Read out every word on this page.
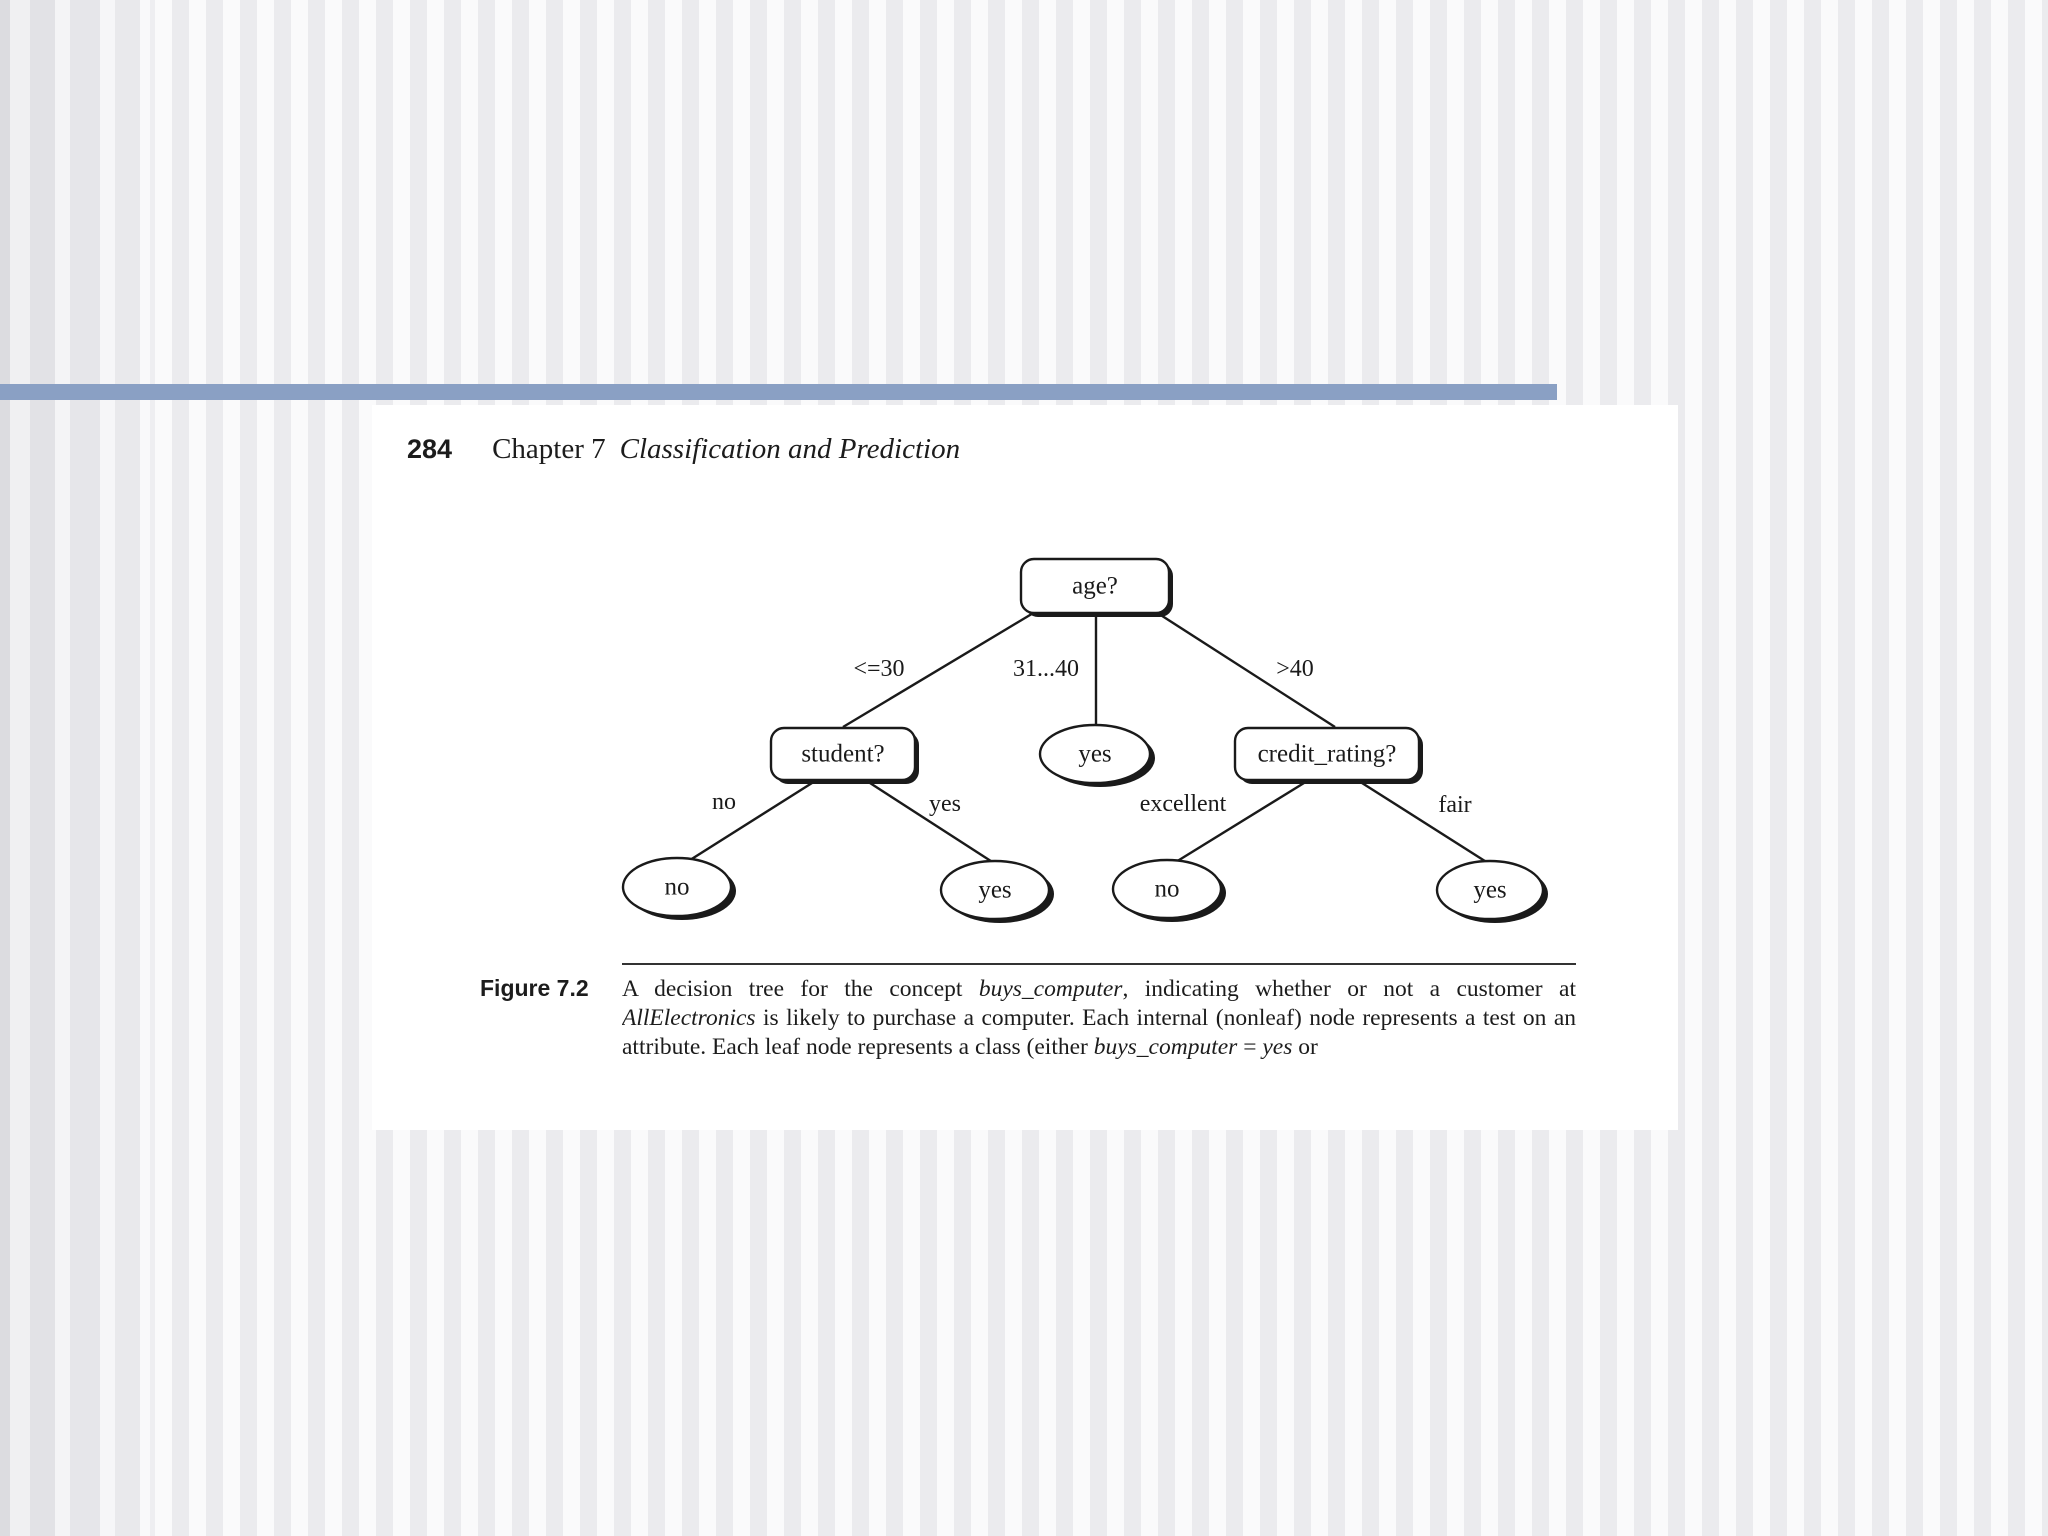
284 Chapter 7 Classification and Prediction
<=30	31...40	>40
no	yes	excellent	fair
age?
student?	yes	credit_rating?
no	yes	no	yes
Figure 7.2 A decision tree for the concept buys_computer, indicating whether or not a customer at AllElectronics is likely to purchase a computer. Each internal (nonleaf) node represents a test on an attribute. Each leaf node represents a class (either buys_computer = yes or
